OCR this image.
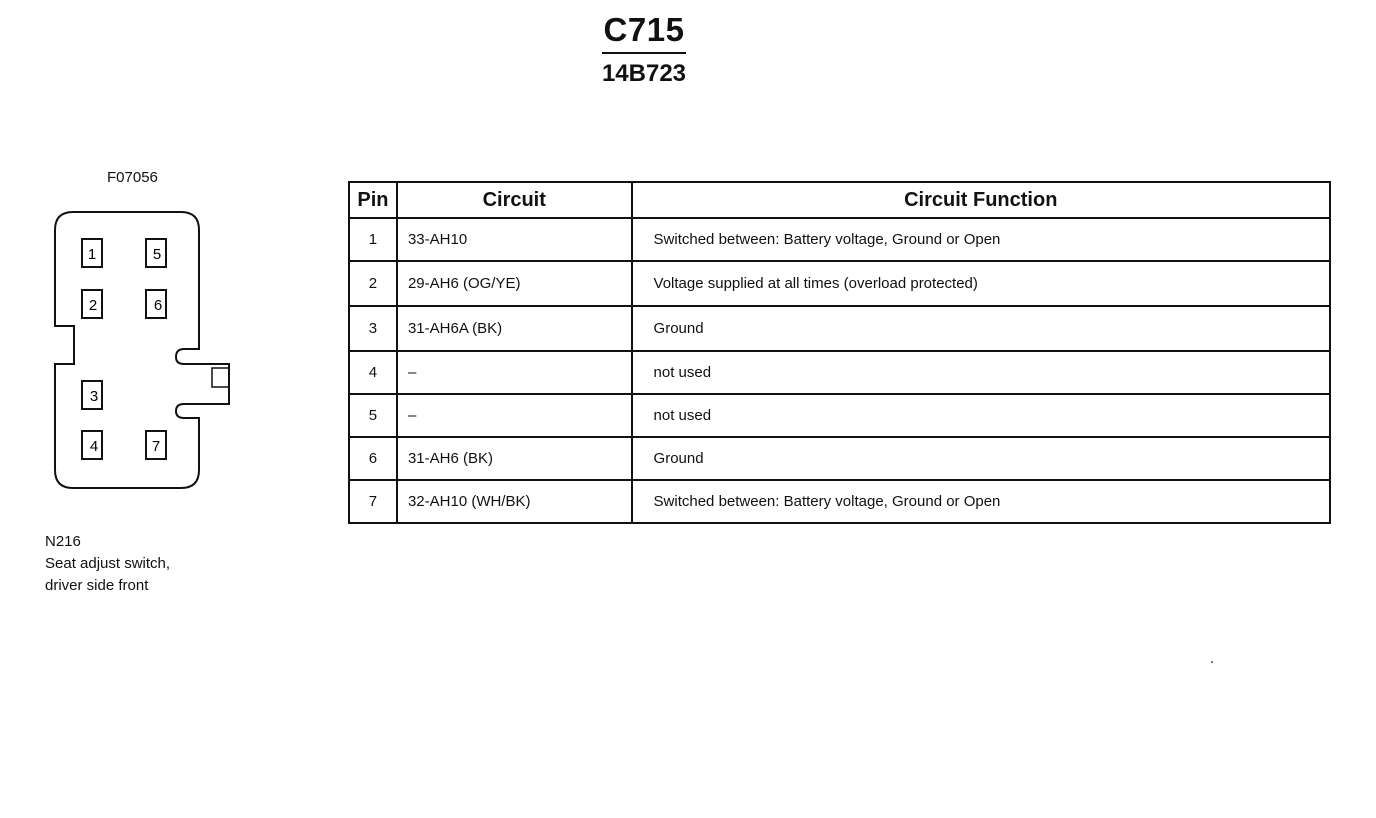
C715
14B723
F07056
1	5
2	6
3
4	7
N216
Seat adjust switch,
driver side front
Pin	Circuit	Circuit Function
1	33-AH10	Switched between: Battery voltage, Ground or Open
2	29-AH6 (OG/YE)	Voltage supplied at all times (overload protected)
3	31-AH6A (BK)	Ground
4	–	not used
5	–	not used
6	31-AH6 (BK)	Ground
7	32-AH10 (WH/BK)	Switched between: Battery voltage, Ground or Open
